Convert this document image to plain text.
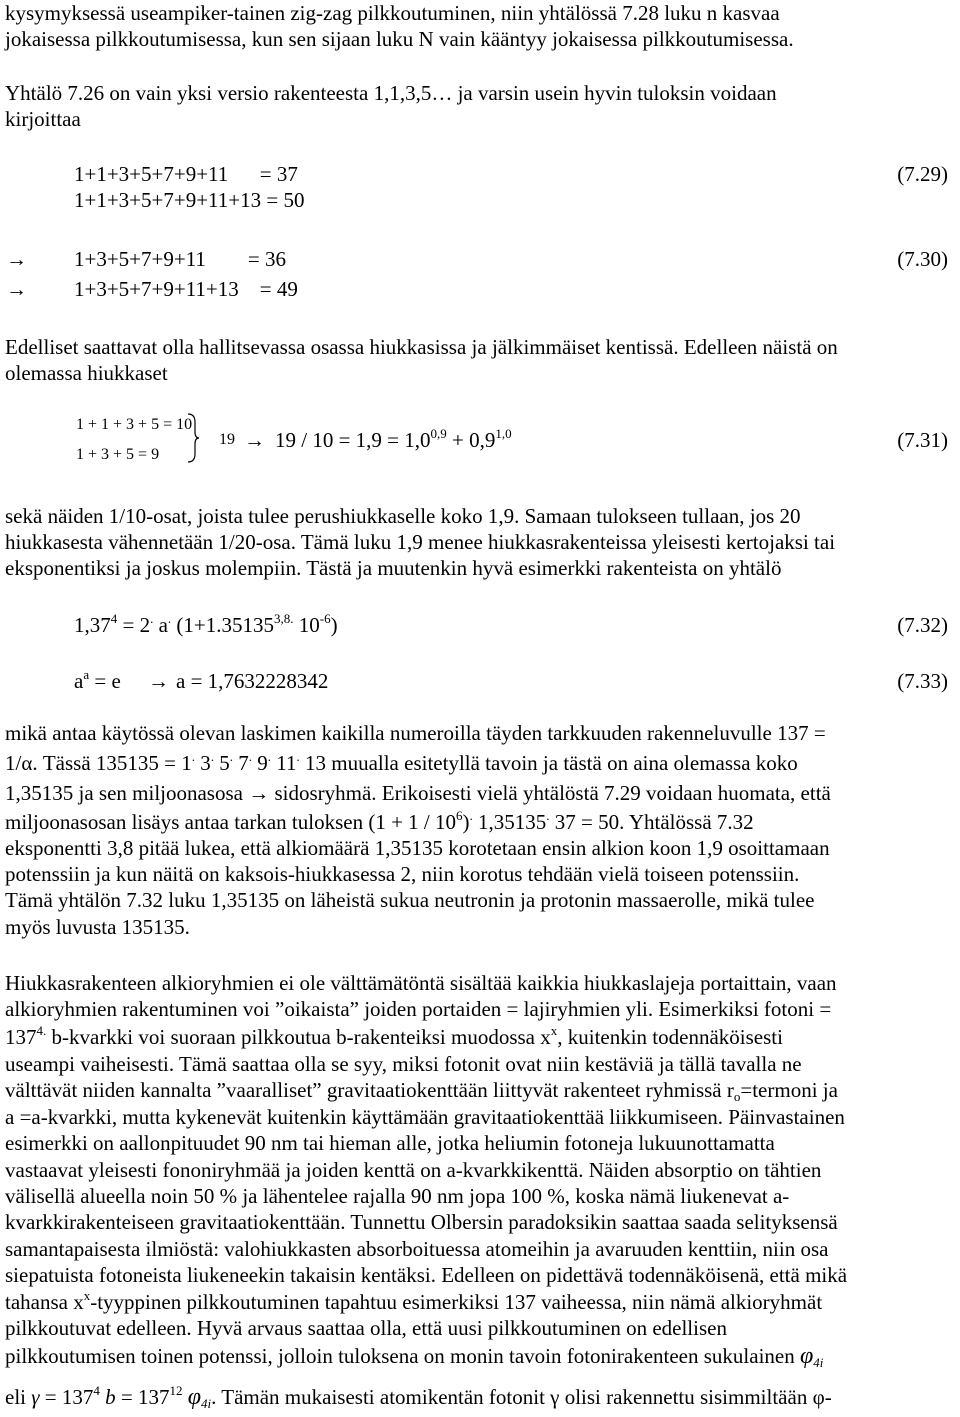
kysymyksessä useampiker-tainen zig-zag pilkkoutuminen, niin yhtälössä 7.28 luku n kasvaa
jokaisessa pilkkoutumisessa, kun sen sijaan luku N vain kääntyy jokaisessa pilkkoutumisessa.
Yhtälö 7.26 on vain yksi versio rakenteesta 1,1,3,5… ja varsin usein hyvin tuloksin voidaan
kirjoittaa
1+1+3+5+7+9+11      = 37	(7.29)
1+1+3+5+7+9+11+13 = 50
→ 1+3+5+7+9+11        = 36	(7.30)
→ 1+3+5+7+9+11+13    = 49
Edelliset saattavat olla hallitsevassa osassa hiukkasissa ja jälkimmäiset kentissä. Edelleen näistä on
olemassa hiukkaset
1 + 1 + 3 + 5 = 10
1 + 3 + 5 = 9
$19 \to 19 / 10 = 1,9 = 1,0^{0,9} + 0,9^{1,0}$	(7.31)
sekä näiden 1/10-osat, joista tulee perushiukkaselle koko 1,9. Samaan tulokseen tullaan, jos 20
hiukkasesta vähennetään 1/20-osa. Tämä luku 1,9 menee hiukkasrakenteissa yleisesti kertojaksi tai
eksponentiksi ja joskus molempiin. Tästä ja muutenkin hyvä esimerkki rakenteista on yhtälö
$1,37^4 = 2^.$ a. ($1+1.35135^{3,8.}$ $10^{-6}$)	(7.32)
$a^a = e \to a = 1,7632228342$	(7.33)
mikä antaa käytössä olevan laskimen kaikilla numeroilla täyden tarkkuuden rakenneluvulle 137 =
1/α. Tässä 135135 = 1. 3. 5. 7. 9. 11. 13 muualla esitetyllä tavoin ja tästä on aina olemassa koko
1,35135 ja sen miljoonasosa → sidosryhmä. Erikoisesti vielä yhtälöstä 7.29 voidaan huomata, että
miljoonasosan lisäys antaa tarkan tuloksen $(1 + 1 / 10^6)^.$ 1,35135. 37 = 50. Yhtälössä 7.32
eksponentti 3,8 pitää lukea, että alkiomäärä 1,35135 korotetaan ensin alkion koon 1,9 osoittamaan
potenssiin ja kun näitä on kaksois-hiukkasessa 2, niin korotus tehdään vielä toiseen potenssiin.
Tämä yhtälön 7.32 luku 1,35135 on läheistä sukua neutronin ja protonin massaerolle, mikä tulee
myös luvusta 135135.
Hiukkasrakenteen alkioryhmien ei ole välttämätöntä sisältää kaikkia hiukkaslajeja portaittain, vaan
alkioryhmien rakentuminen voi ”oikaista” joiden portaiden = lajiryhmien yli. Esimerkiksi fotoni =
$137^{4.}$ b-kvarkki voi suoraan pilkkoutua b-rakenteiksi muodossa $x^x$, kuitenkin todennäköisesti
useampi vaiheisesti. Tämä saattaa olla se syy, miksi fotonit ovat niin kestäviä ja tällä tavalla ne
välttävät niiden kannalta ”vaaralliset” gravitaatiokenttään liittyvät rakenteet ryhmissä $r_o=termoni$ ja
a =a-kvarkki, mutta kykenevät kuitenkin käyttämään gravitaatiokenttää liikkumiseen. Päinvastainen
esimerkki on aallonpituudet 90 nm tai hieman alle, jotka heliumin fotoneja lukuunottamatta
vastaavat yleisesti fononiryhmää ja joiden kenttä on a-kvarkkikenttä. Näiden absorptio on tähtien
välisellä alueella noin 50 % ja lähentelee rajalla 90 nm jopa 100 %, koska nämä liukenevat a-
kvarkkirakenteiseen gravitaatiokenttään. Tunnettu Olbersin paradoksikin saattaa saada selityksensä
samantapaisesta ilmiöstä: valohiukkasten absorboituessa atomeihin ja avaruuden kenttiin, niin osa
siepatuista fotoneista liukeneekin takaisin kentäksi. Edelleen on pidettävä todennäköisenä, että mikä
tahansa $x^x$-tyyppinen pilkkoutuminen tapahtuu esimerkiksi 137 vaiheessa, niin nämä alkioryhmät
pilkkoutuvat edelleen. Hyvä arvaus saattaa olla, että uusi pilkkoutuminen on edellisen
pilkkoutumisen toinen potenssi, jolloin tuloksena on monin tavoin fotonirakenteen sukulainen $\varphi_{4i}$
eli $\gamma = 137^4$ $b = 137^{12}$ $\varphi_{4i}$. Tämän mukaisesti atomikentän fotonit γ olisi rakennettu sisimmiltään φ-
